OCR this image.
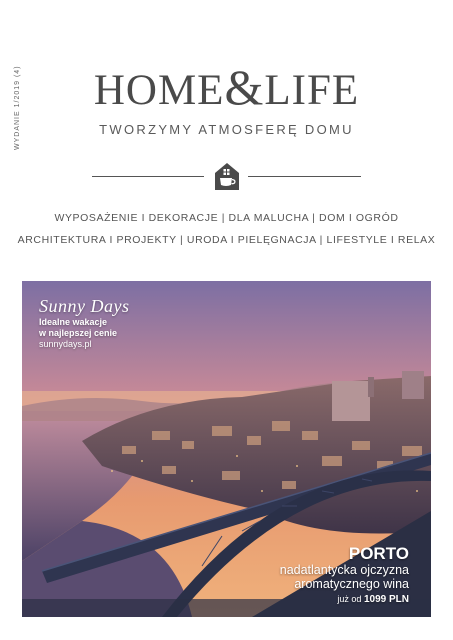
WYDANIE 1/2019 (4)	HOME&LIFE
TWORZYMY ATMOSFERĘ DOMU
WYPOSAŻENIE I DEKORACJE | DLA MALUCHA | DOM I OGRÓD
ARCHITEKTURA I PROJEKTY | URODA I PIELĘGNACJA | LIFESTYLE I RELAX
Sunny Days
Idealne wakacje
w najlepszej cenie
sunnydays.pl
PORTO
nadatlantycka ojczyzna
aromatycznego wina
już od 1099 PLN
